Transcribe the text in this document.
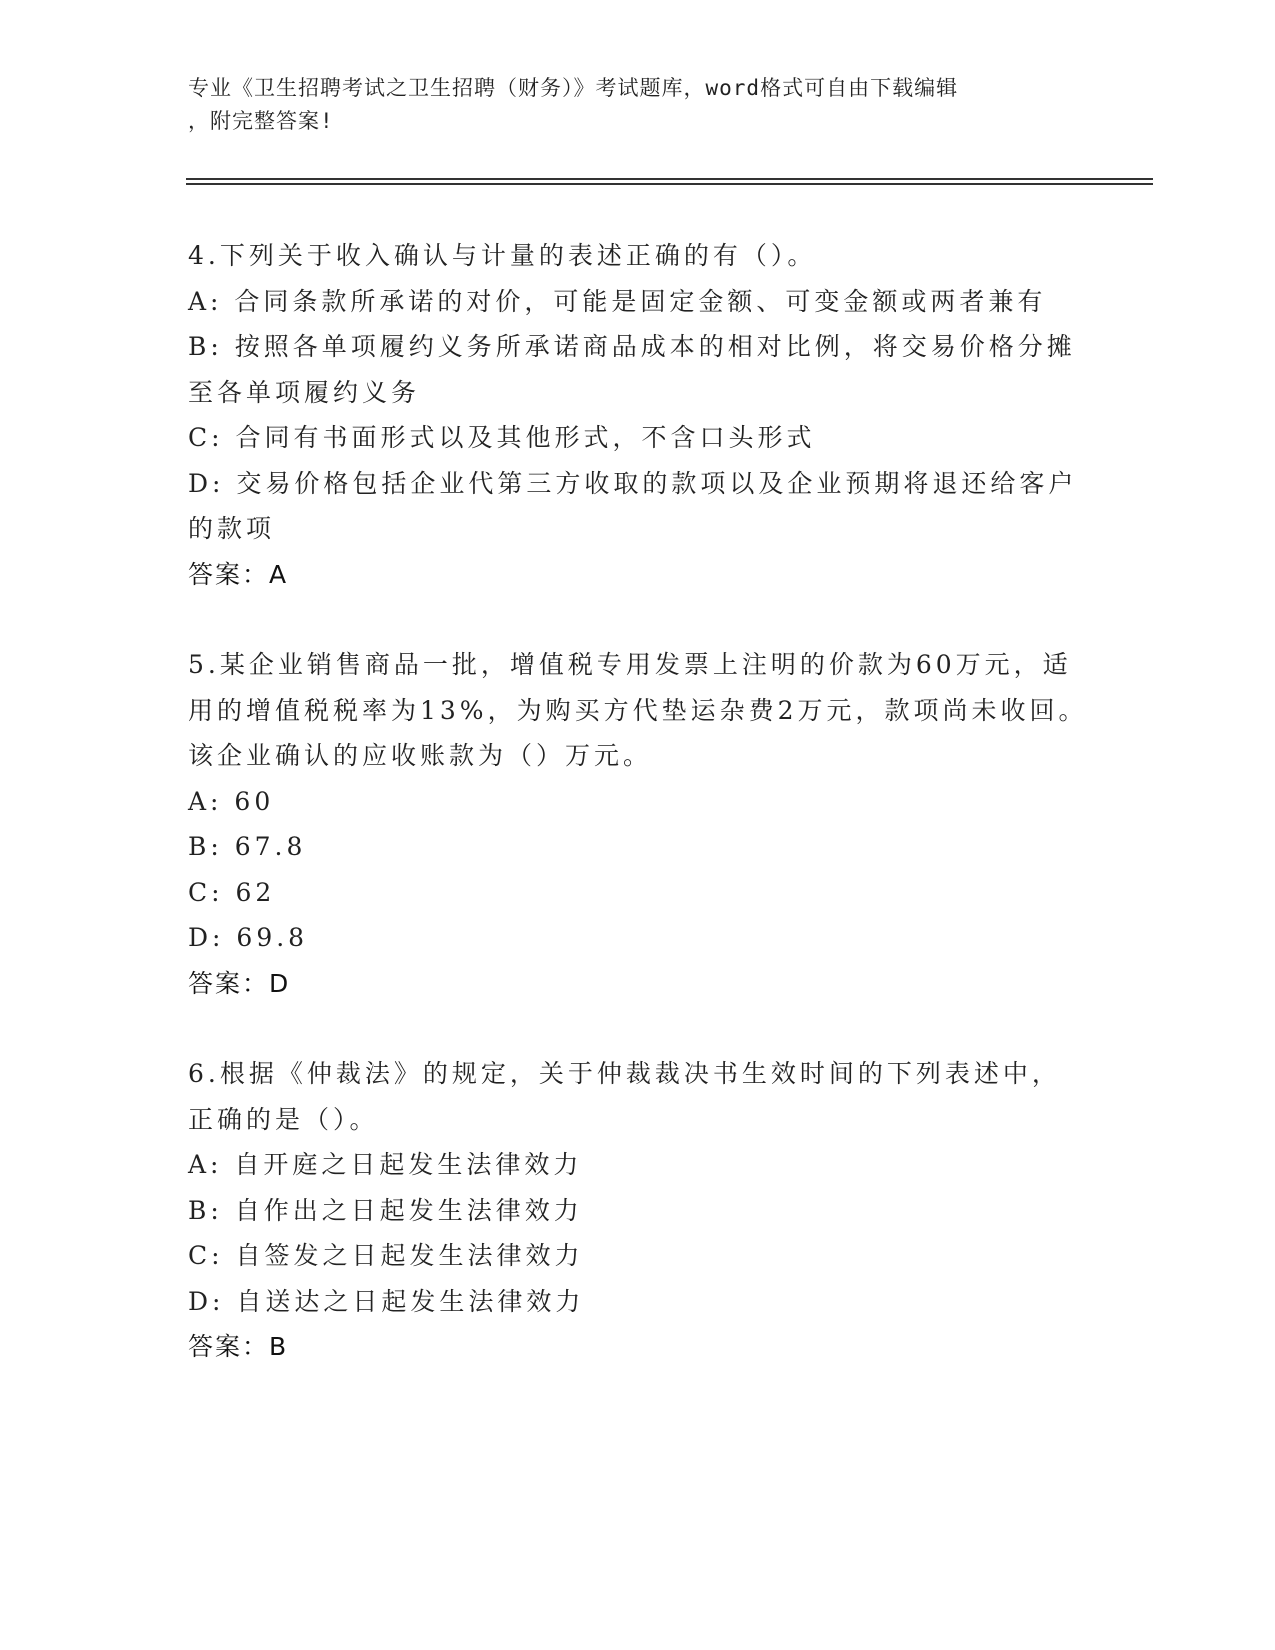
专业《卫生招聘考试之卫生招聘（财务）》考试题库，word格式可自由下载编辑
，附完整答案!
4.下列关于收入确认与计量的表述正确的有（）。
A: 合同条款所承诺的对价，可能是固定金额、可变金额或两者兼有
B: 按照各单项履约义务所承诺商品成本的相对比例，将交易价格分摊
至各单项履约义务
C: 合同有书面形式以及其他形式，不含口头形式
D: 交易价格包括企业代第三方收取的款项以及企业预期将退还给客户
的款项
答案：A
5.某企业销售商品一批，增值税专用发票上注明的价款为60万元，适
用的增值税税率为13%，为购买方代垫运杂费2万元，款项尚未收回。
该企业确认的应收账款为（）万元。
A: 60
B: 67.8
C: 62
D: 69.8
答案：D
6.根据《仲裁法》的规定，关于仲裁裁决书生效时间的下列表述中，
正确的是（）。
A: 自开庭之日起发生法律效力
B: 自作出之日起发生法律效力
C: 自签发之日起发生法律效力
D: 自送达之日起发生法律效力
答案：B
